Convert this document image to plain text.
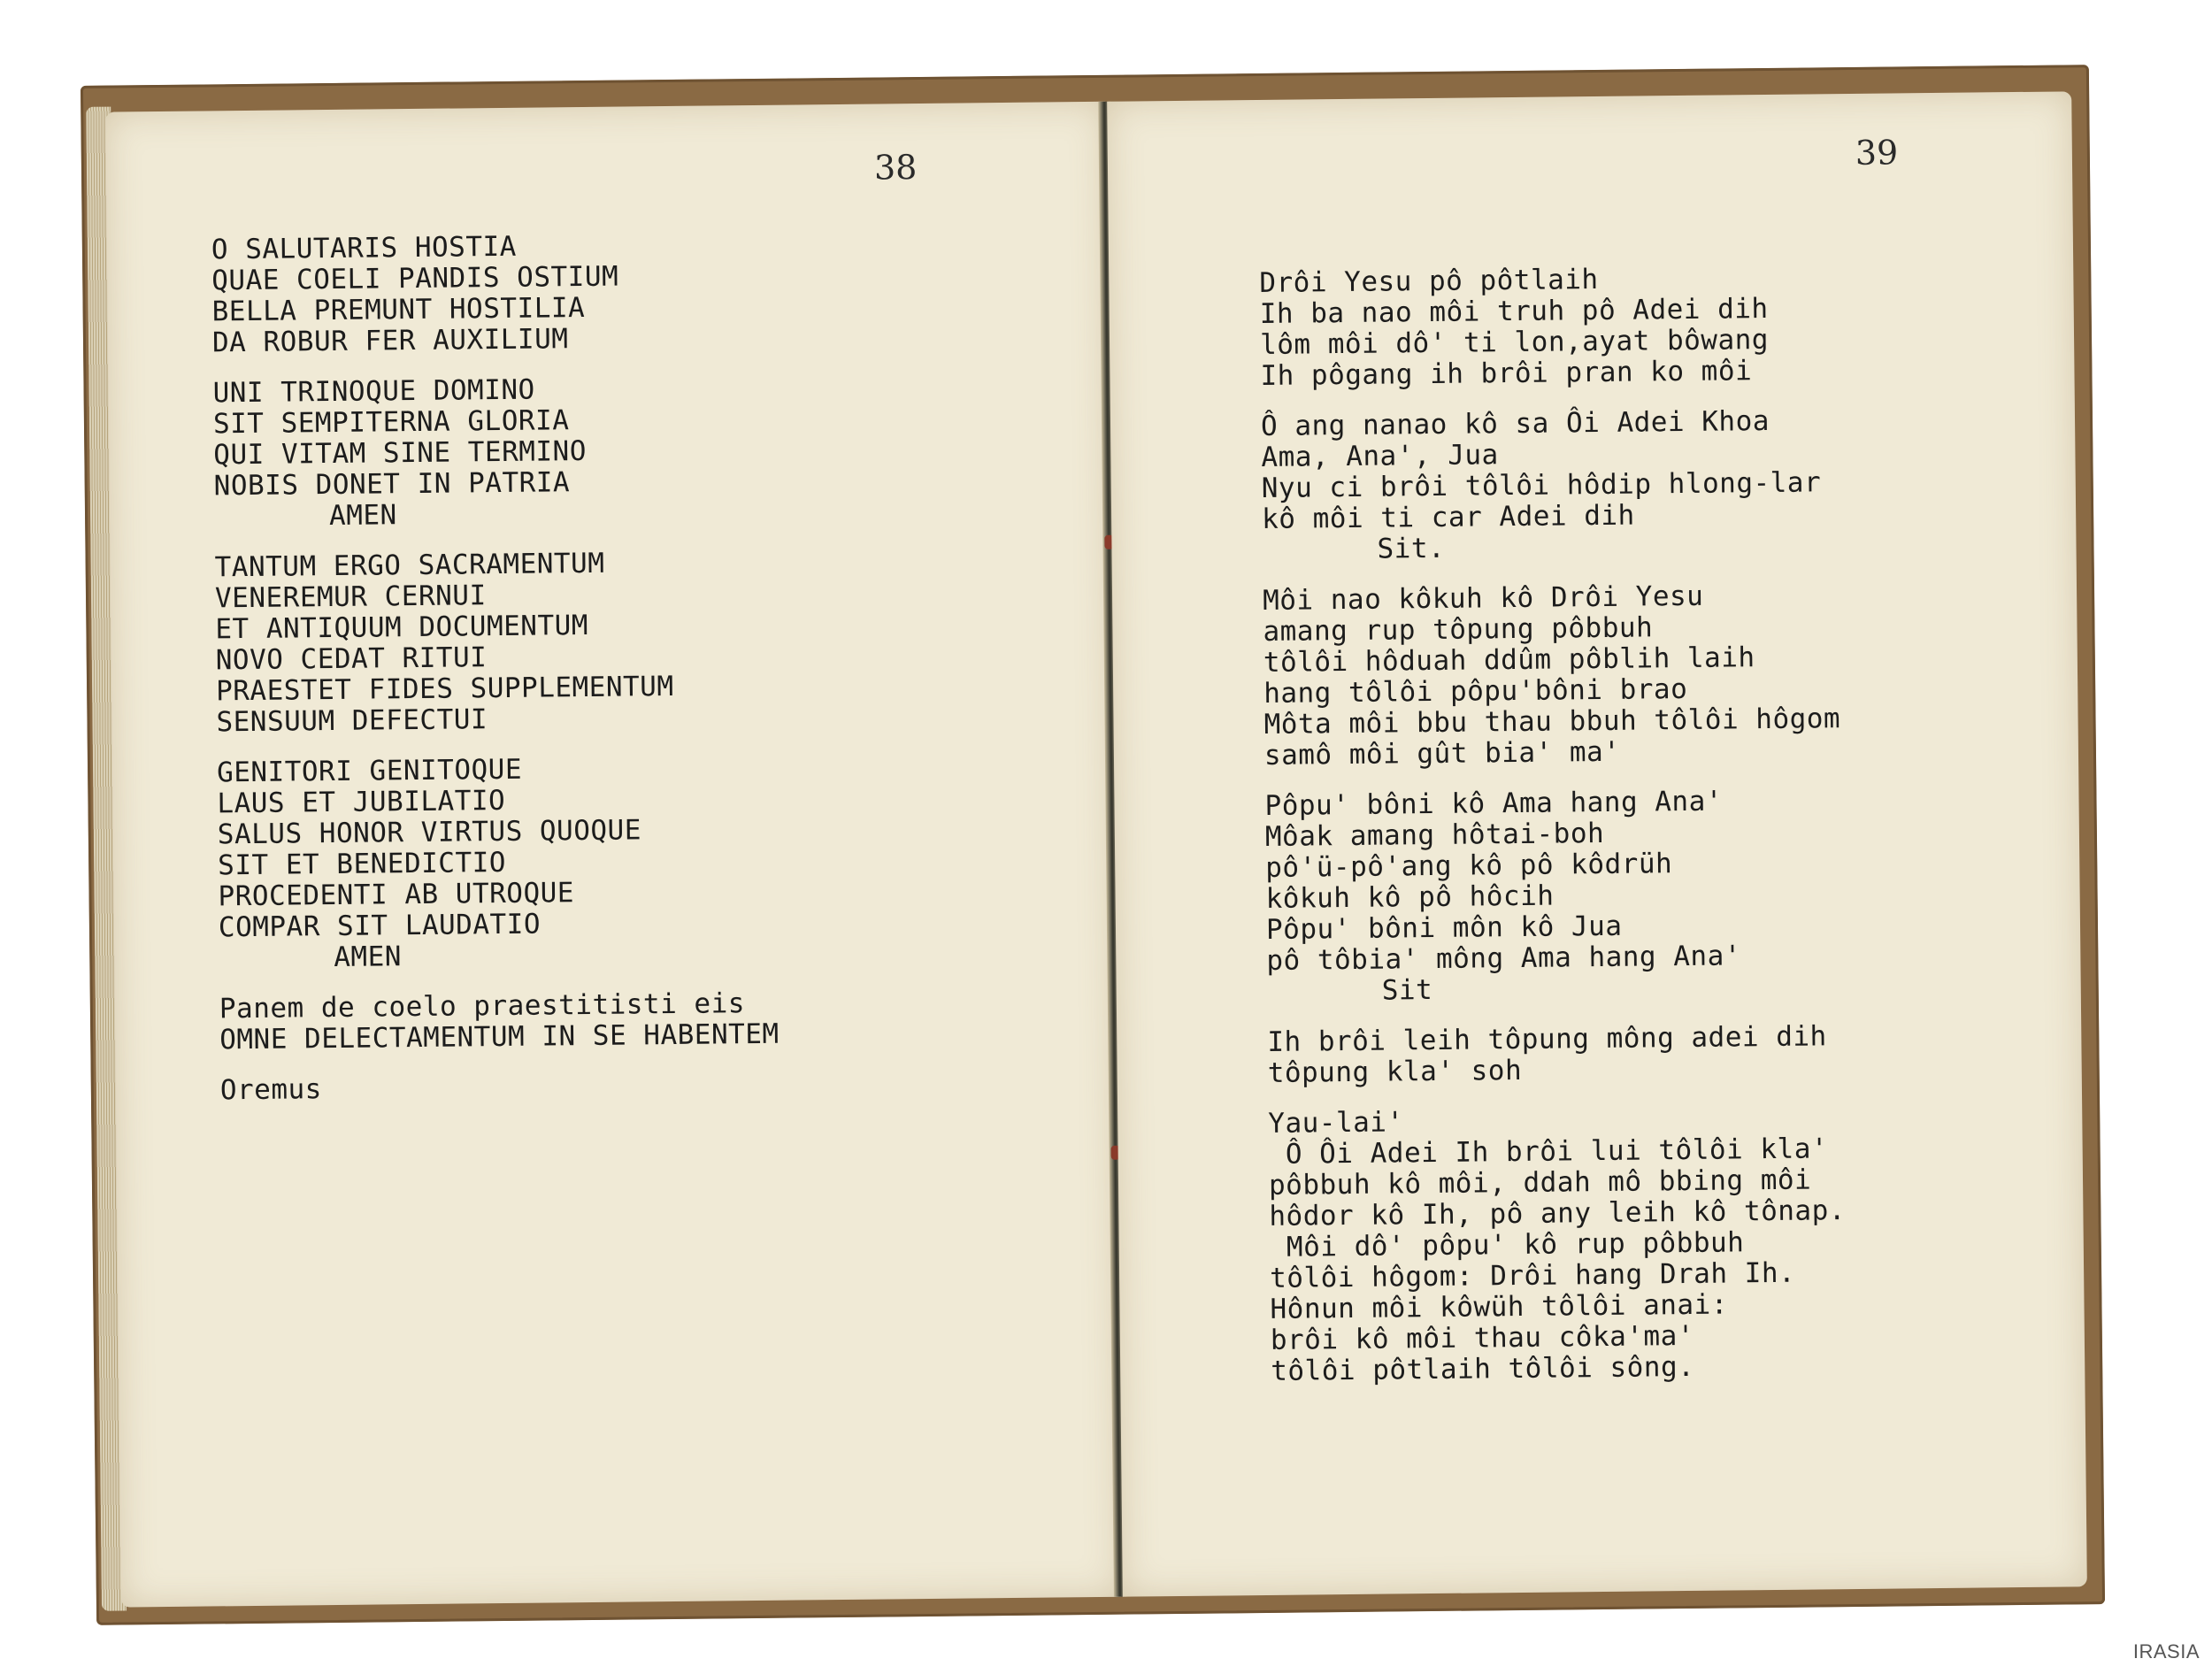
38
O SALUTARIS HOSTIA
QUAE COELI PANDIS OSTIUM
BELLA PREMUNT HOSTILIA
DA ROBUR FER AUXILIUM
UNI TRINOQUE DOMINO
SIT SEMPITERNA GLORIA
QUI VITAM SINE TERMINO
NOBIS DONET IN PATRIA
AMEN
TANTUM ERGO SACRAMENTUM
VENEREMUR CERNUI
ET ANTIQUUM DOCUMENTUM
NOVO CEDAT RITUI
PRAESTET FIDES SUPPLEMENTUM
SENSUUM DEFECTUI
GENITORI GENITOQUE
LAUS ET JUBILATIO
SALUS HONOR VIRTUS QUOQUE
SIT ET BENEDICTIO
PROCEDENTI AB UTROQUE
COMPAR SIT LAUDATIO
AMEN
Panem de coelo praestitisti eis
OMNE DELECTAMENTUM IN SE HABENTEM
Oremus
39
Drôi Yesu pô pôtlaih
Ih ba nao môi truh pô Adei dih
lôm môi dô' ti lon,ayat bôwang
Ih pôgang ih brôi pran ko môi
Ô ang nanao kô sa Ôi Adei Khoa
Ama, Ana', Jua
Nyu ci brôi tôlôi hôdip hlong-lar
kô môi ti car Adei dih
Sit.
Môi nao kôkuh kô Drôi Yesu
amang rup tôpung pôbbuh
tôlôi hôduah ddûm pôblih laih
hang tôlôi pôpu'bôni brao
Môta môi bbu thau bbuh tôlôi hôgom
samô môi gût bia' ma'
Pôpu' bôni kô Ama hang Ana'
Môak amang hôtai-boh
pô'ü-pô'ang kô pô kôdrüh
kôkuh kô pô hôcih
Pôpu' bôni môn kô Jua
pô tôbia' mông Ama hang Ana'
Sit
Ih brôi leih tôpung mông adei dih
tôpung kla' soh
Yau-lai'
Ô Ôi Adei Ih brôi lui tôlôi kla'
pôbbuh kô môi, ddah mô bbing môi
hôdor kô Ih, pô any leih kô tônap.
Môi dô' pôpu' kô rup pôbbuh
tôlôi hôgom: Drôi hang Drah Ih.
Hônun môi kôwüh tôlôi anai:
brôi kô môi thau côka'ma'
tôlôi pôtlaih tôlôi sông.
IRASIA
